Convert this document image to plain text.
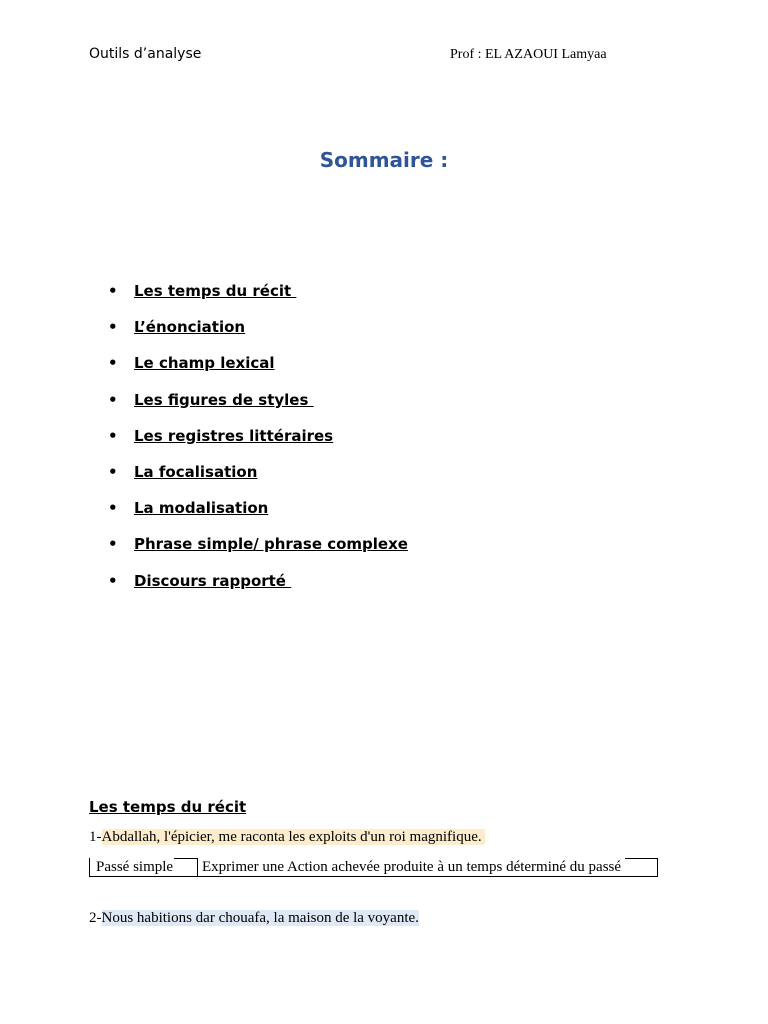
Outils d’analyse	Prof : EL AZAOUI Lamyaa
Sommaire :
• Les temps du récit
• L’énonciation
• Le champ lexical
• Les figures de styles
• Les registres littéraires
• La focalisation
• La modalisation
• Phrase simple/ phrase complexe
• Discours rapporté
Les temps du récit
1-Abdallah, l'épicier, me raconta les exploits d'un roi magnifique.
Passé simple Exprimer une Action achevée produite à un temps déterminé du passé
2-Nous habitions dar chouafa, la maison de la voyante.
